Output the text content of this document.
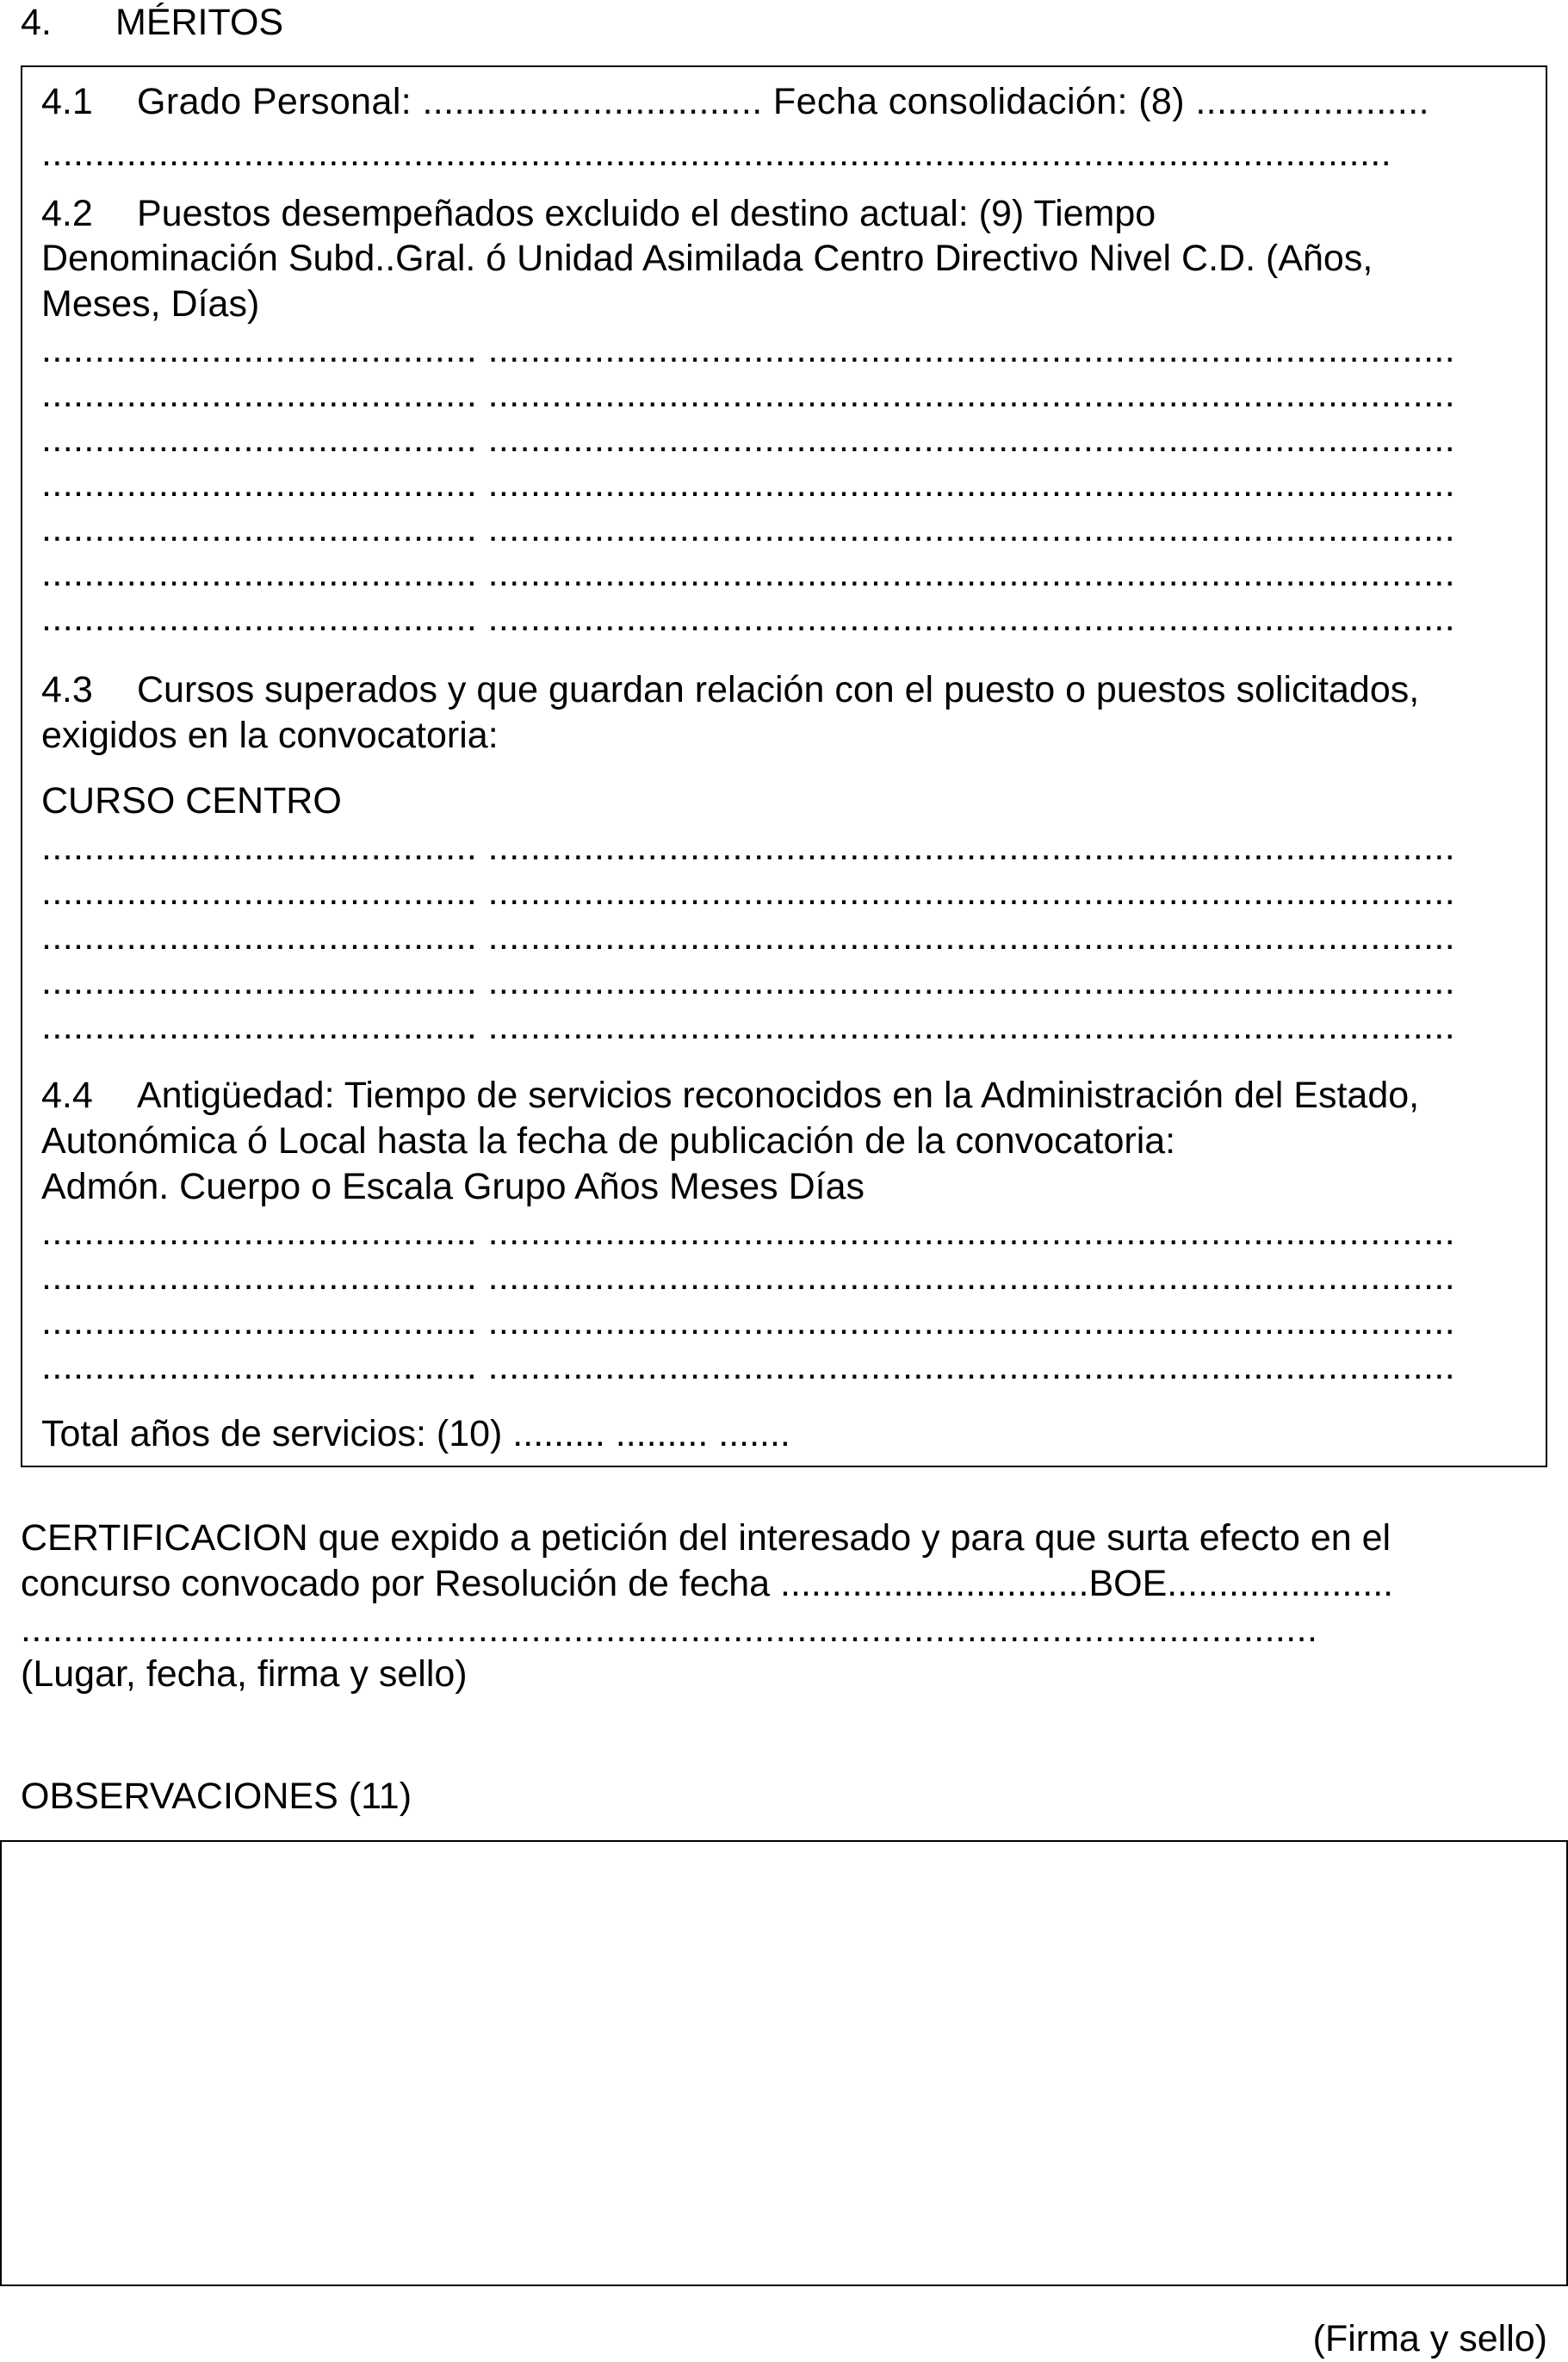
4. MÉRITOS
4.1 Grado Personal: ................................ Fecha consolidación: (8) ......................
...............................................................................................................................
4.2 Puestos desempeñados excluido el destino actual: (9) Tiempo
Denominación Subd..Gral. ó Unidad Asimilada Centro Directivo Nivel C.D. (Años,
Meses, Días)
......................................... ...........................................................................................
......................................... ...........................................................................................
......................................... ...........................................................................................
......................................... ...........................................................................................
......................................... ...........................................................................................
......................................... ...........................................................................................
......................................... ...........................................................................................
4.3 Cursos superados y que guardan relación con el puesto o puestos solicitados,
exigidos en la convocatoria:
CURSO CENTRO
......................................... ...........................................................................................
......................................... ...........................................................................................
......................................... ...........................................................................................
......................................... ...........................................................................................
......................................... ...........................................................................................
4.4 Antigüedad: Tiempo de servicios reconocidos en la Administración del Estado,
Autonómica ó Local hasta la fecha de publicación de la convocatoria:
Admón. Cuerpo o Escala Grupo Años Meses Días
......................................... ...........................................................................................
......................................... ...........................................................................................
......................................... ...........................................................................................
......................................... ...........................................................................................
Total años de servicios: (10) ......... ......... .......
CERTIFICACION que expido a petición del interesado y para que surta efecto en el
concurso convocado por Resolución de fecha ..............................BOE......................
..........................................................................................................................
(Lugar, fecha, firma y sello)
OBSERVACIONES (11)
(Firma y sello)
